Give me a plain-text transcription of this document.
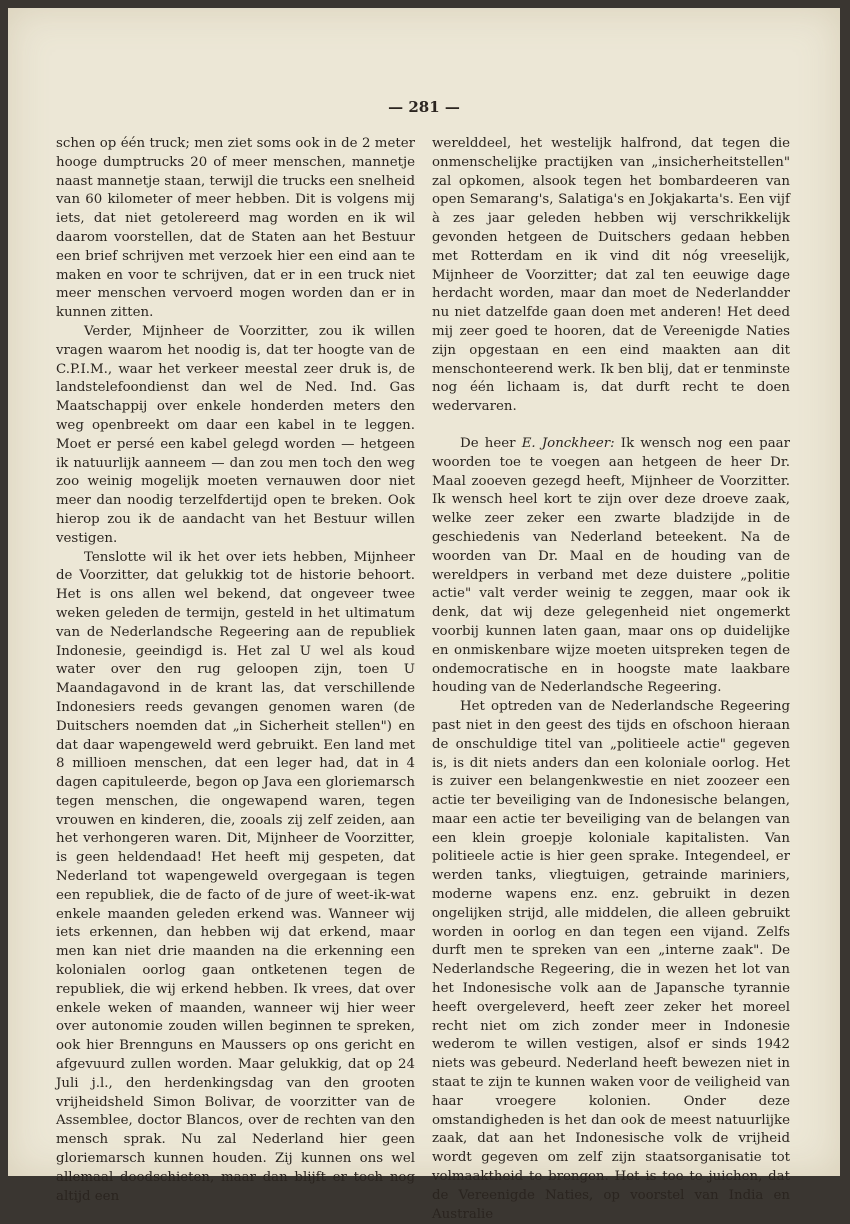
— 281 —

schen op één truck; men ziet soms ook in de 2 meter hooge dumptrucks 20 of meer menschen, mannetje naast mannetje staan, terwijl die trucks een snelheid van 60 kilometer of meer hebben. Dit is volgens mij iets, dat niet getolereerd mag worden en ik wil daarom voorstellen, dat de Staten aan het Bestuur een brief schrijven met verzoek hier een eind aan te maken en voor te schrijven, dat er in een truck niet meer menschen vervoerd mogen worden dan er in kunnen zitten.

Verder, Mijnheer de Voorzitter, zou ik willen vragen waarom het noodig is, dat ter hoogte van de C.P.I.M., waar het verkeer meestal zeer druk is, de landstelefoondienst dan wel de Ned. Ind. Gas Maatschappij over enkele honderden meters den weg openbreekt om daar een kabel in te leggen. Moet er persé een kabel gelegd worden — hetgeen ik natuurlijk aanneem — dan zou men toch den weg zoo weinig mogelijk moeten vernauwen door niet meer dan noodig terzelfdertijd open te breken. Ook hierop zou ik de aandacht van het Bestuur willen vestigen.

Tenslotte wil ik het over iets hebben, Mijnheer de Voorzitter, dat gelukkig tot de historie behoort. Het is ons allen wel bekend, dat ongeveer twee weken geleden de termijn, gesteld in het ultimatum van de Nederlandsche Regeering aan de republiek Indonesie, geeindigd is. Het zal U wel als koud water over den rug geloopen zijn, toen U Maandagavond in de krant las, dat verschillende Indonesiers reeds gevangen genomen waren (de Duitschers noemden dat „in Sicherheit stellen") en dat daar wapengeweld werd gebruikt. Een land met 8 millioen menschen, dat een leger had, dat in 4 dagen capituleerde, begon op Java een gloriemarsch tegen menschen, die ongewapend waren, tegen vrouwen en kinderen, die, zooals zij zelf zeiden, aan het verhongeren waren. Dit, Mijnheer de Voorzitter, is geen heldendaad! Het heeft mij gespeten, dat Nederland tot wapengeweld overgegaan is tegen een republiek, die de facto of de jure of weet-ik-wat enkele maanden geleden erkend was. Wanneer wij iets erkennen, dan hebben wij dat erkend, maar men kan niet drie maanden na die erkenning een kolonialen oorlog gaan ontketenen tegen de republiek, die wij erkend hebben. Ik vrees, dat over enkele weken of maanden, wanneer wij hier weer over autonomie zouden willen beginnen te spreken, ook hier Brennguns en Maussers op ons gericht en afgevuurd zullen worden. Maar gelukkig, dat op 24 Juli j.l., den herdenkingsdag van den grooten vrijheidsheld Simon Bolivar, de voorzitter van de Assemblee, doctor Blancos, over de rechten van den mensch sprak. Nu zal Nederland hier geen gloriemarsch kunnen houden. Zij kunnen ons wel allemaal doodschieten, maar dan blijft er toch nog altijd een

werelddeel, het westelijk halfrond, dat tegen die onmenschelijke practijken van „insicherheitstellen" zal opkomen, alsook tegen het bombardeeren van open Semarang's, Salatiga's en Jokjakarta's. Een vijf à zes jaar geleden hebben wij verschrikkelijk gevonden hetgeen de Duitschers gedaan hebben met Rotterdam en ik vind dit nóg vreeselijk, Mijnheer de Voorzitter; dat zal ten eeuwige dage herdacht worden, maar dan moet de Nederlandder nu niet datzelfde gaan doen met anderen! Het deed mij zeer goed te hooren, dat de Vereenigde Naties zijn opgestaan en een eind maakten aan dit menschonteerend werk. Ik ben blij, dat er tenminste nog één lichaam is, dat durft recht te doen wedervaren.

De heer E. Jonckheer: Ik wensch nog een paar woorden toe te voegen aan hetgeen de heer Dr. Maal zooeven gezegd heeft, Mijnheer de Voorzitter. Ik wensch heel kort te zijn over deze droeve zaak, welke zeer zeker een zwarte bladzijde in de geschiedenis van Nederland beteekent. Na de woorden van Dr. Maal en de houding van de wereldpers in verband met deze duistere „politie actie" valt verder weinig te zeggen, maar ook ik denk, dat wij deze gelegenheid niet ongemerkt voorbij kunnen laten gaan, maar ons op duidelijke en onmiskenbare wijze moeten uitspreken tegen de ondemocratische en in hoogste mate laakbare houding van de Nederlandsche Regeering.

Het optreden van de Nederlandsche Regeering past niet in den geest des tijds en ofschoon hieraan de onschuldige titel van „politieele actie" gegeven is, is dit niets anders dan een koloniale oorlog. Het is zuiver een belangenkwestie en niet zoozeer een actie ter beveiliging van de Indonesische belangen, maar een actie ter beveiliging van de belangen van een klein groepje koloniale kapitalisten. Van politieele actie is hier geen sprake. Integendeel, er werden tanks, vliegtuigen, getrainde mariniers, moderne wapens enz. enz. gebruikt in dezen ongelijken strijd, alle middelen, die alleen gebruikt worden in oorlog en dan tegen een vijand. Zelfs durft men te spreken van een „interne zaak". De Nederlandsche Regeering, die in wezen het lot van het Indonesische volk aan de Japansche tyrannie heeft overgeleverd, heeft zeer zeker het moreel recht niet om zich zonder meer in Indonesie wederom te willen vestigen, alsof er sinds 1942 niets was gebeurd. Nederland heeft bewezen niet in staat te zijn te kunnen waken voor de veiligheid van haar vroegere kolonien. Onder deze omstandigheden is het dan ook de meest natuurlijke zaak, dat aan het Indonesische volk de vrijheid wordt gegeven om zelf zijn staatsorganisatie tot volmaaktheid te brengen. Het is toe te juichen, dat de Vereenigde Naties, op voorstel van India en Australie
